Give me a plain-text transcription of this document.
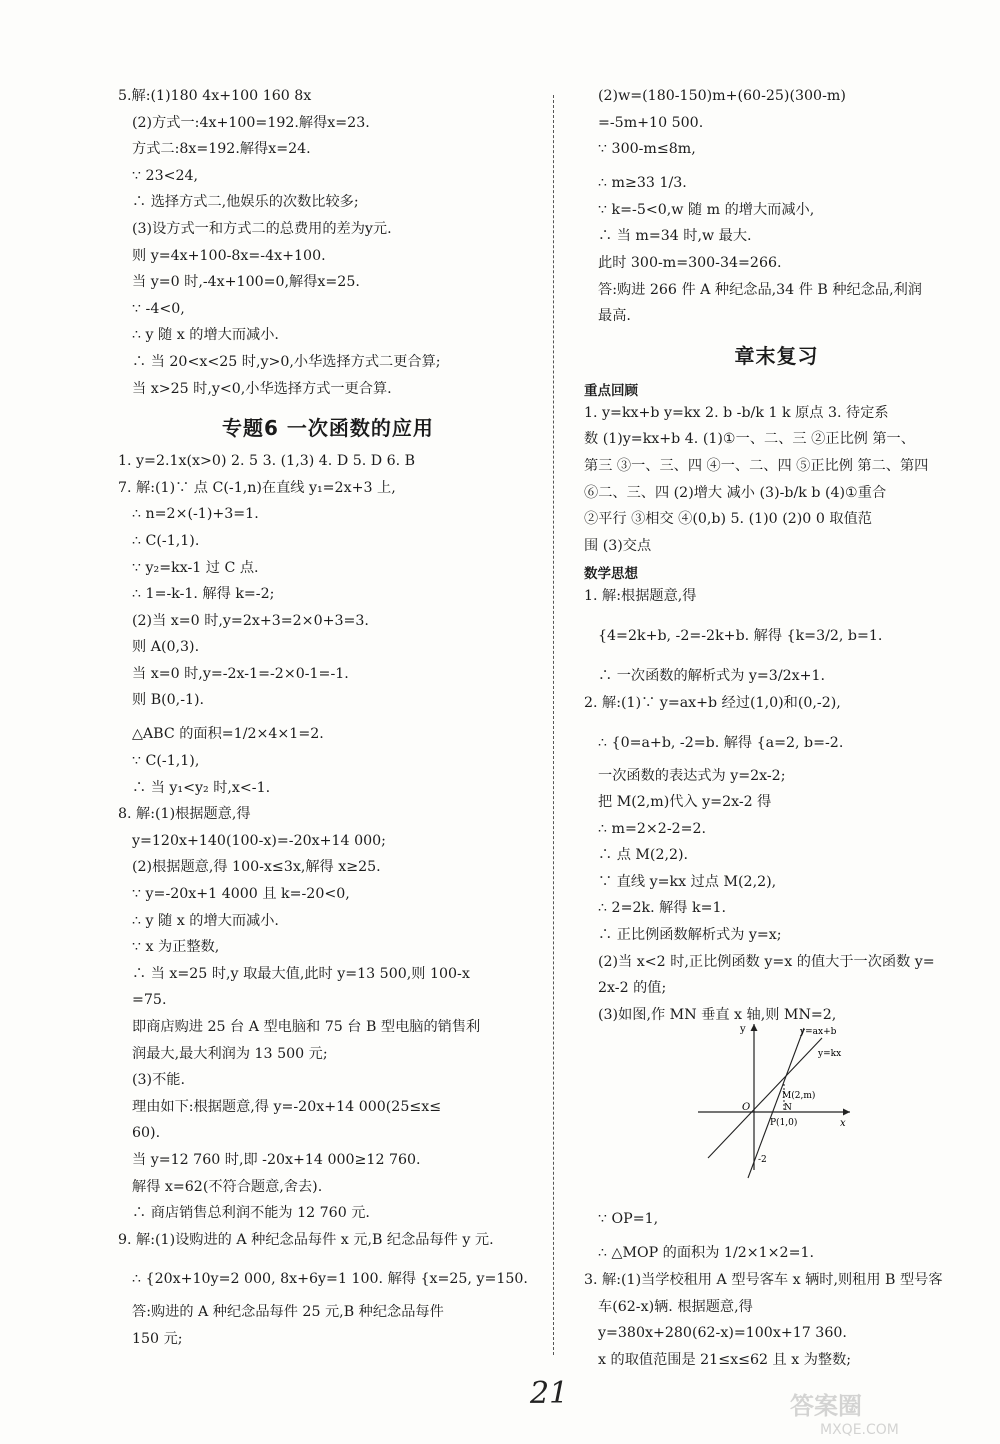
5.解:(1)180 4x+100 160 8x
(2)方式一:4x+100=192.解得x=23.
方式二:8x=192.解得x=24.
∵ 23<24,
∴ 选择方式二,他娱乐的次数比较多;
(3)设方式一和方式二的总费用的差为y元.
则 y=4x+100-8x=-4x+100.
当 y=0 时,-4x+100=0,解得x=25.
∵ -4<0,
∴ y 随 x 的增大而减小.
∴ 当 20<x<25 时,y>0,小华选择方式二更合算;
当 x>25 时,y<0,小华选择方式一更合算.
专题6 一次函数的应用
1. y=2.1x(x>0) 2. 5 3. (1,3) 4. D 5. D 6. B
7. 解:(1)∵ 点 C(-1,n)在直线 y₁=2x+3 上,
∴ n=2×(-1)+3=1.
∴ C(-1,1).
∵ y₂=kx-1 过 C 点.
∴ 1=-k-1. 解得 k=-2;
(2)当 x=0 时,y=2x+3=2×0+3=3.
则 A(0,3).
当 x=0 时,y=-2x-1=-2×0-1=-1.
则 B(0,-1).
△ABC 的面积=1/2×4×1=2.
∵ C(-1,1),
∴ 当 y₁<y₂ 时,x<-1.
8. 解:(1)根据题意,得
y=120x+140(100-x)=-20x+14 000;
(2)根据题意,得 100-x≤3x,解得 x≥25.
∵ y=-20x+1 4000 且 k=-20<0,
∴ y 随 x 的增大而减小.
∵ x 为正整数,
∴ 当 x=25 时,y 取最大值,此时 y=13 500,则 100-x
=75.
即商店购进 25 台 A 型电脑和 75 台 B 型电脑的销售利
润最大,最大利润为 13 500 元;
(3)不能.
理由如下:根据题意,得 y=-20x+14 000(25≤x≤
60).
当 y=12 760 时,即 -20x+14 000≥12 760.
解得 x=62(不符合题意,舍去).
∴ 商店销售总利润不能为 12 760 元.
9. 解:(1)设购进的 A 种纪念品每件 x 元,B 纪念品每件 y 元.
∴ {20x+10y=2 000, 8x+6y=1 100. 解得 {x=25, y=150.
答:购进的 A 种纪念品每件 25 元,B 种纪念品每件
150 元;
(2)w=(180-150)m+(60-25)(300-m)
=-5m+10 500.
∵ 300-m≤8m,
∴ m≥33 1/3.
∵ k=-5<0,w 随 m 的增大而减小,
∴ 当 m=34 时,w 最大.
此时 300-m=300-34=266.
答:购进 266 件 A 种纪念品,34 件 B 种纪念品,利润
最高.
章末复习
重点回顾
1. y=kx+b y=kx 2. b -b/k 1 k 原点 3. 待定系
数 (1)y=kx+b 4. (1)①一、二、三 ②正比例 第一、
第三 ③一、三、四 ④一、二、四 ⑤正比例 第二、第四
⑥二、三、四 (2)增大 减小 (3)-b/k b (4)①重合
②平行 ③相交 ④(0,b) 5. (1)0 (2)0 0 取值范
围 (3)交点
数学思想
1. 解:根据题意,得
{4=2k+b, -2=-2k+b. 解得 {k=3/2, b=1.
∴ 一次函数的解析式为 y=3/2x+1.
2. 解:(1)∵ y=ax+b 经过(1,0)和(0,-2),
∴ {0=a+b, -2=b. 解得 {a=2, b=-2.
一次函数的表达式为 y=2x-2;
把 M(2,m)代入 y=2x-2 得
∴ m=2×2-2=2.
∴ 点 M(2,2).
∵ 直线 y=kx 过点 M(2,2),
∴ 2=2k. 解得 k=1.
∴ 正比例函数解析式为 y=x;
(2)当 x<2 时,正比例函数 y=x 的值大于一次函数 y=
2x-2 的值;
(3)如图,作 MN 垂直 x 轴,则 MN=2,
∵ OP=1,
∴ △MOP 的面积为 1/2×1×2=1.
3. 解:(1)当学校租用 A 型号客车 x 辆时,则租用 B 型号客
车(62-x)辆. 根据题意,得
y=380x+280(62-x)=100x+17 360.
x 的取值范围是 21≤x≤62 且 x 为整数;
y
x
O
y=ax+b
y=kx
M(2,m)
N
P(1,0)
-2
21	答案圈
MXQE.COM
